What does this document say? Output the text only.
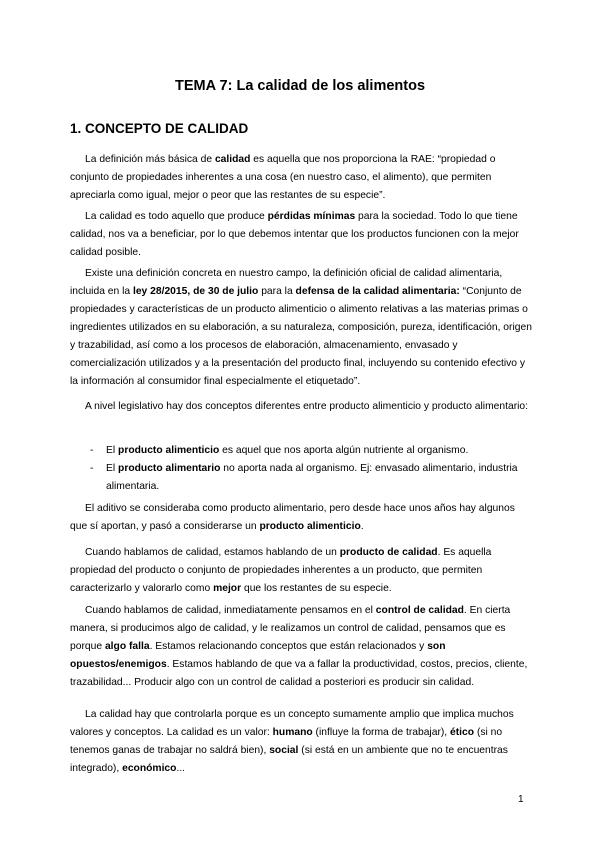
TEMA 7: La calidad de los alimentos
1. CONCEPTO DE CALIDAD

La definición más básica de calidad es aquella que nos proporciona la RAE: “propiedad o conjunto de propiedades inherentes a una cosa (en nuestro caso, el alimento), que permiten apreciarla como igual, mejor o peor que las restantes de su especie”.

La calidad es todo aquello que produce pérdidas mínimas para la sociedad. Todo lo que tiene calidad, nos va a beneficiar, por lo que debemos intentar que los productos funcionen con la mejor calidad posible.

Existe una definición concreta en nuestro campo, la definición oficial de calidad alimentaria, incluida en la ley 28/2015, de 30 de julio para la defensa de la calidad alimentaria: “Conjunto de propiedades y características de un producto alimenticio o alimento relativas a las materias primas o ingredientes utilizados en su elaboración, a su naturaleza, composición, pureza, identificación, origen y trazabilidad, así como a los procesos de elaboración, almacenamiento, envasado y comercialización utilizados y a la presentación del producto final, incluyendo su contenido efectivo y la información al consumidor final especialmente el etiquetado”.

A nivel legislativo hay dos conceptos diferentes entre producto alimenticio y producto alimentario:

- El producto alimenticio es aquel que nos aporta algún nutriente al organismo.
- El producto alimentario no aporta nada al organismo. Ej: envasado alimentario, industria alimentaria.

El aditivo se consideraba como producto alimentario, pero desde hace unos años hay algunos que sí aportan, y pasó a considerarse un producto alimenticio.

Cuando hablamos de calidad, estamos hablando de un producto de calidad. Es aquella propiedad del producto o conjunto de propiedades inherentes a un producto, que permiten caracterizarlo y valorarlo como mejor que los restantes de su especie.

Cuando hablamos de calidad, inmediatamente pensamos en el control de calidad. En cierta manera, si producimos algo de calidad, y le realizamos un control de calidad, pensamos que es porque algo falla. Estamos relacionando conceptos que están relacionados y son opuestos/enemigos. Estamos hablando de que va a fallar la productividad, costos, precios, cliente, trazabilidad... Producir algo con un control de calidad a posteriori es producir sin calidad.

La calidad hay que controlarla porque es un concepto sumamente amplio que implica muchos valores y conceptos. La calidad es un valor: humano (influye la forma de trabajar), ético (si no tenemos ganas de trabajar no saldrá bien), social (si está en un ambiente que no te encuentras integrado), económico...

1
